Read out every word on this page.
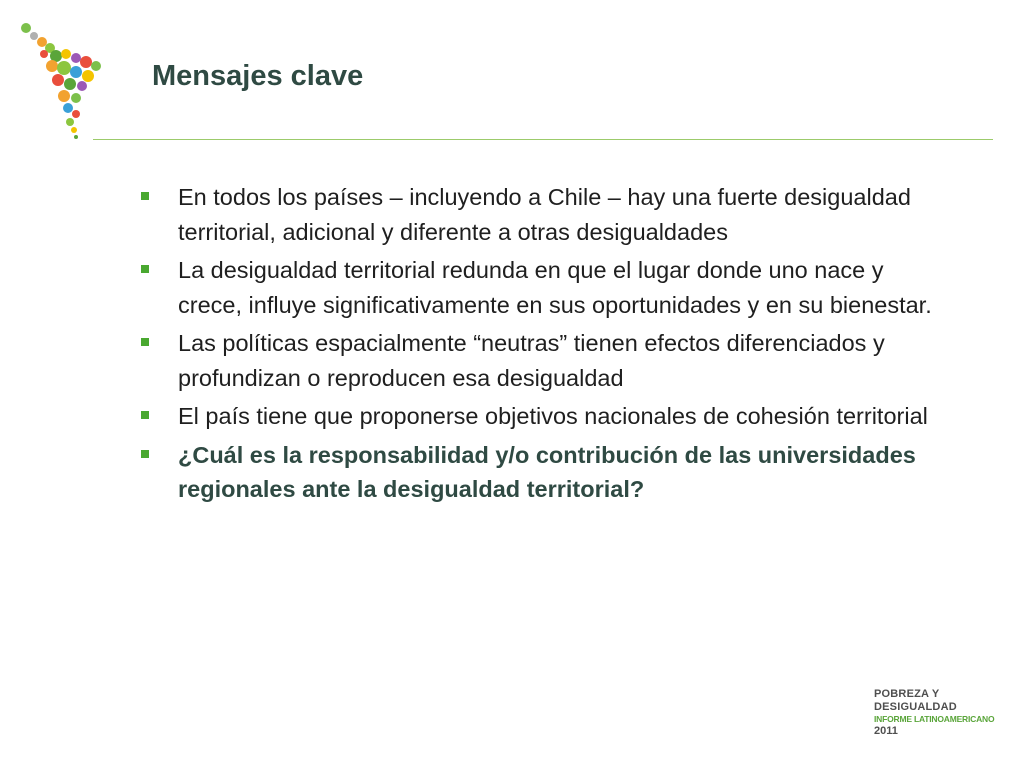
Mensajes clave
En todos los países – incluyendo a Chile – hay una fuerte desigualdad territorial, adicional y diferente a otras desigualdades
La desigualdad territorial redunda en que el lugar donde uno nace y crece, influye significativamente en sus oportunidades y en su bienestar.
Las políticas espacialmente “neutras” tienen efectos diferenciados y profundizan o reproducen esa desigualdad
El país tiene que proponerse objetivos nacionales de cohesión territorial
¿Cuál es la responsabilidad y/o contribución de las universidades regionales ante la desigualdad territorial?
POBREZA Y
DESIGUALDAD
INFORME LATINOAMERICANO
2011
